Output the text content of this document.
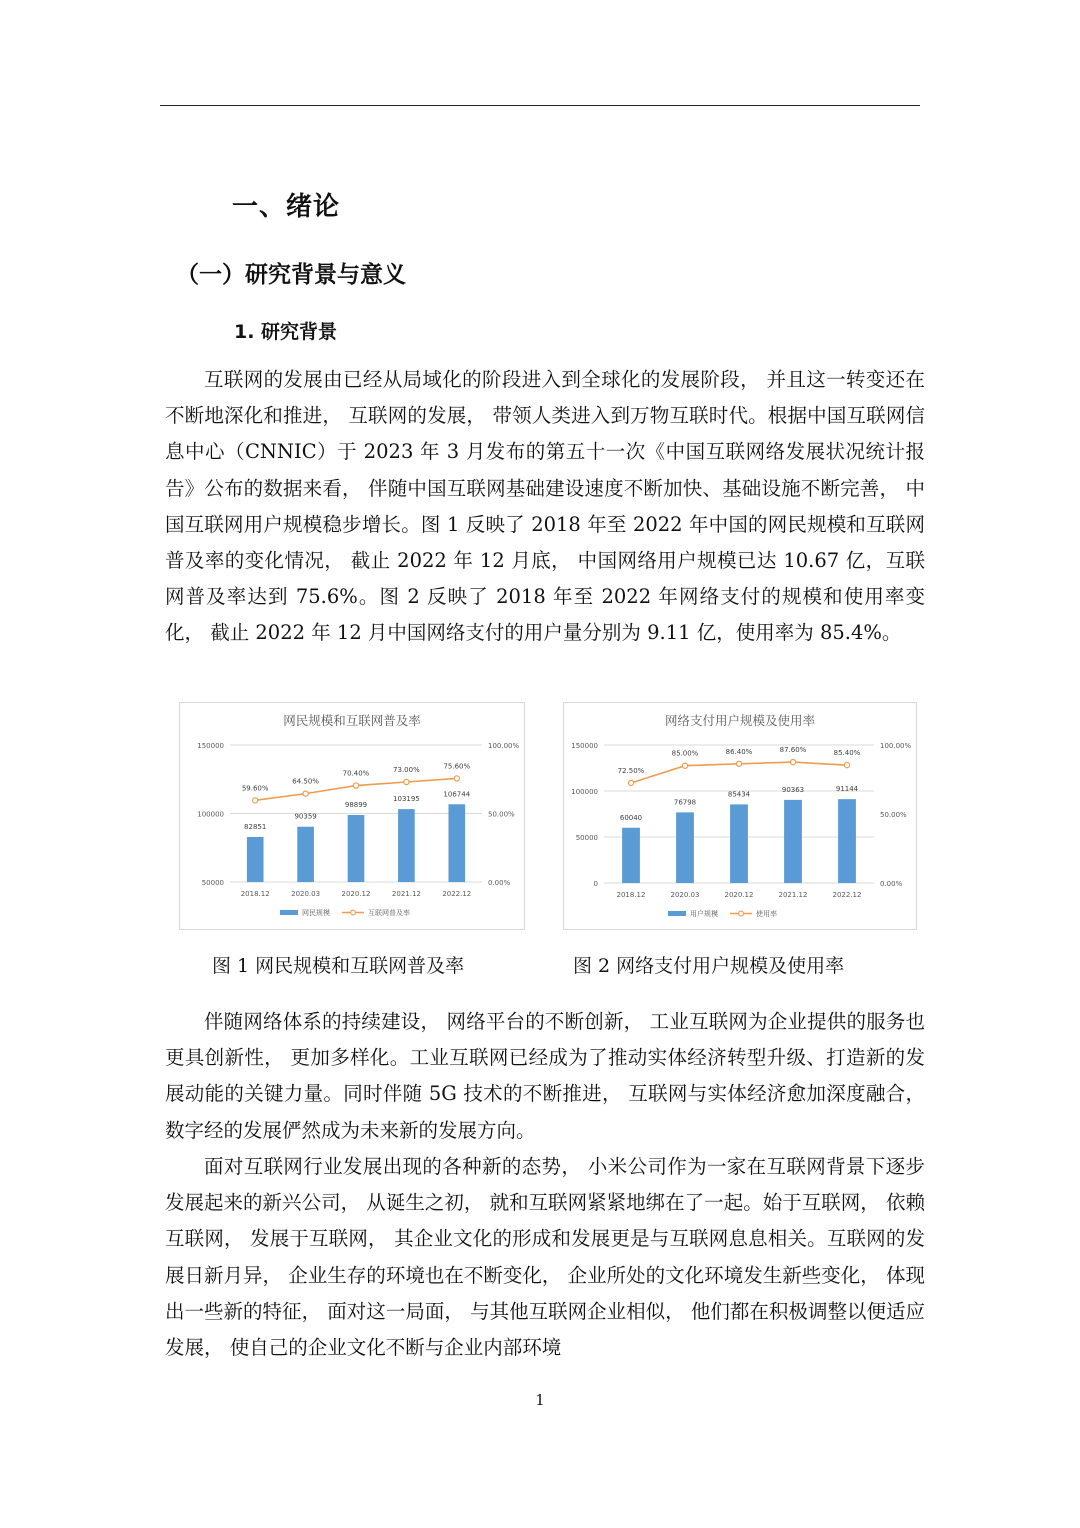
一、绪论
（一）研究背景与意义
1. 研究背景

互联网的发展由已经从局域化的阶段进入到全球化的发展阶段， 并且这一转变还在不断地深化和推进， 互联网的发展， 带领人类进入到万物互联时代。根据中国互联网信息中心（CNNIC）于 2023 年 3 月发布的第五十一次《中国互联网络发展状况统计报告》公布的数据来看， 伴随中国互联网基础建设速度不断加快、基础设施不断完善， 中国互联网用户规模稳步增长。图 1 反映了 2018 年至 2022 年中国的网民规模和互联网普及率的变化情况， 截止 2022 年 12 月底， 中国网络用户规模已达 10.67 亿，互联网普及率达到 75.6%。图 2 反映了 2018 年至 2022 年网络支付的规模和使用率变化， 截止 2022 年 12 月中国网络支付的用户量分别为 9.11 亿，使用率为 85.4%。

网民规模和互联网普及率
150000
100000
50000
100.00%
50.00%
0.00%
82851
2018.12
90359
2020.03
98899
2020.12
103195
2021.12
106744
2022.12
59.60%
64.50%
70.40%	73.00%	75.60%
网民规模	互联网普及率
网络支付用户规模及使用率
150000
100000
50000
0
100.00%
50.00%
0.00%
60040
2018.12
76798
2020.03
85434
2020.12
90363
2021.12
91144
2022.12
72.50%
85.00%	86.40%	87.60%	85.40%
用户规模	使用率

图 1 网民规模和互联网普及率	图 2 网络支付用户规模及使用率

伴随网络体系的持续建设， 网络平台的不断创新， 工业互联网为企业提供的服务也更具创新性， 更加多样化。工业互联网已经成为了推动实体经济转型升级、打造新的发展动能的关键力量。同时伴随 5G 技术的不断推进， 互联网与实体经济愈加深度融合，数字经的发展俨然成为未来新的发展方向。

面对互联网行业发展出现的各种新的态势， 小米公司作为一家在互联网背景下逐步发展起来的新兴公司， 从诞生之初， 就和互联网紧紧地绑在了一起。始于互联网， 依赖互联网， 发展于互联网， 其企业文化的形成和发展更是与互联网息息相关。互联网的发展日新月异， 企业生存的环境也在不断变化， 企业所处的文化环境发生新些变化， 体现出一些新的特征， 面对这一局面， 与其他互联网企业相似， 他们都在积极调整以便适应发展， 使自己的企业文化不断与企业内部环境

1
